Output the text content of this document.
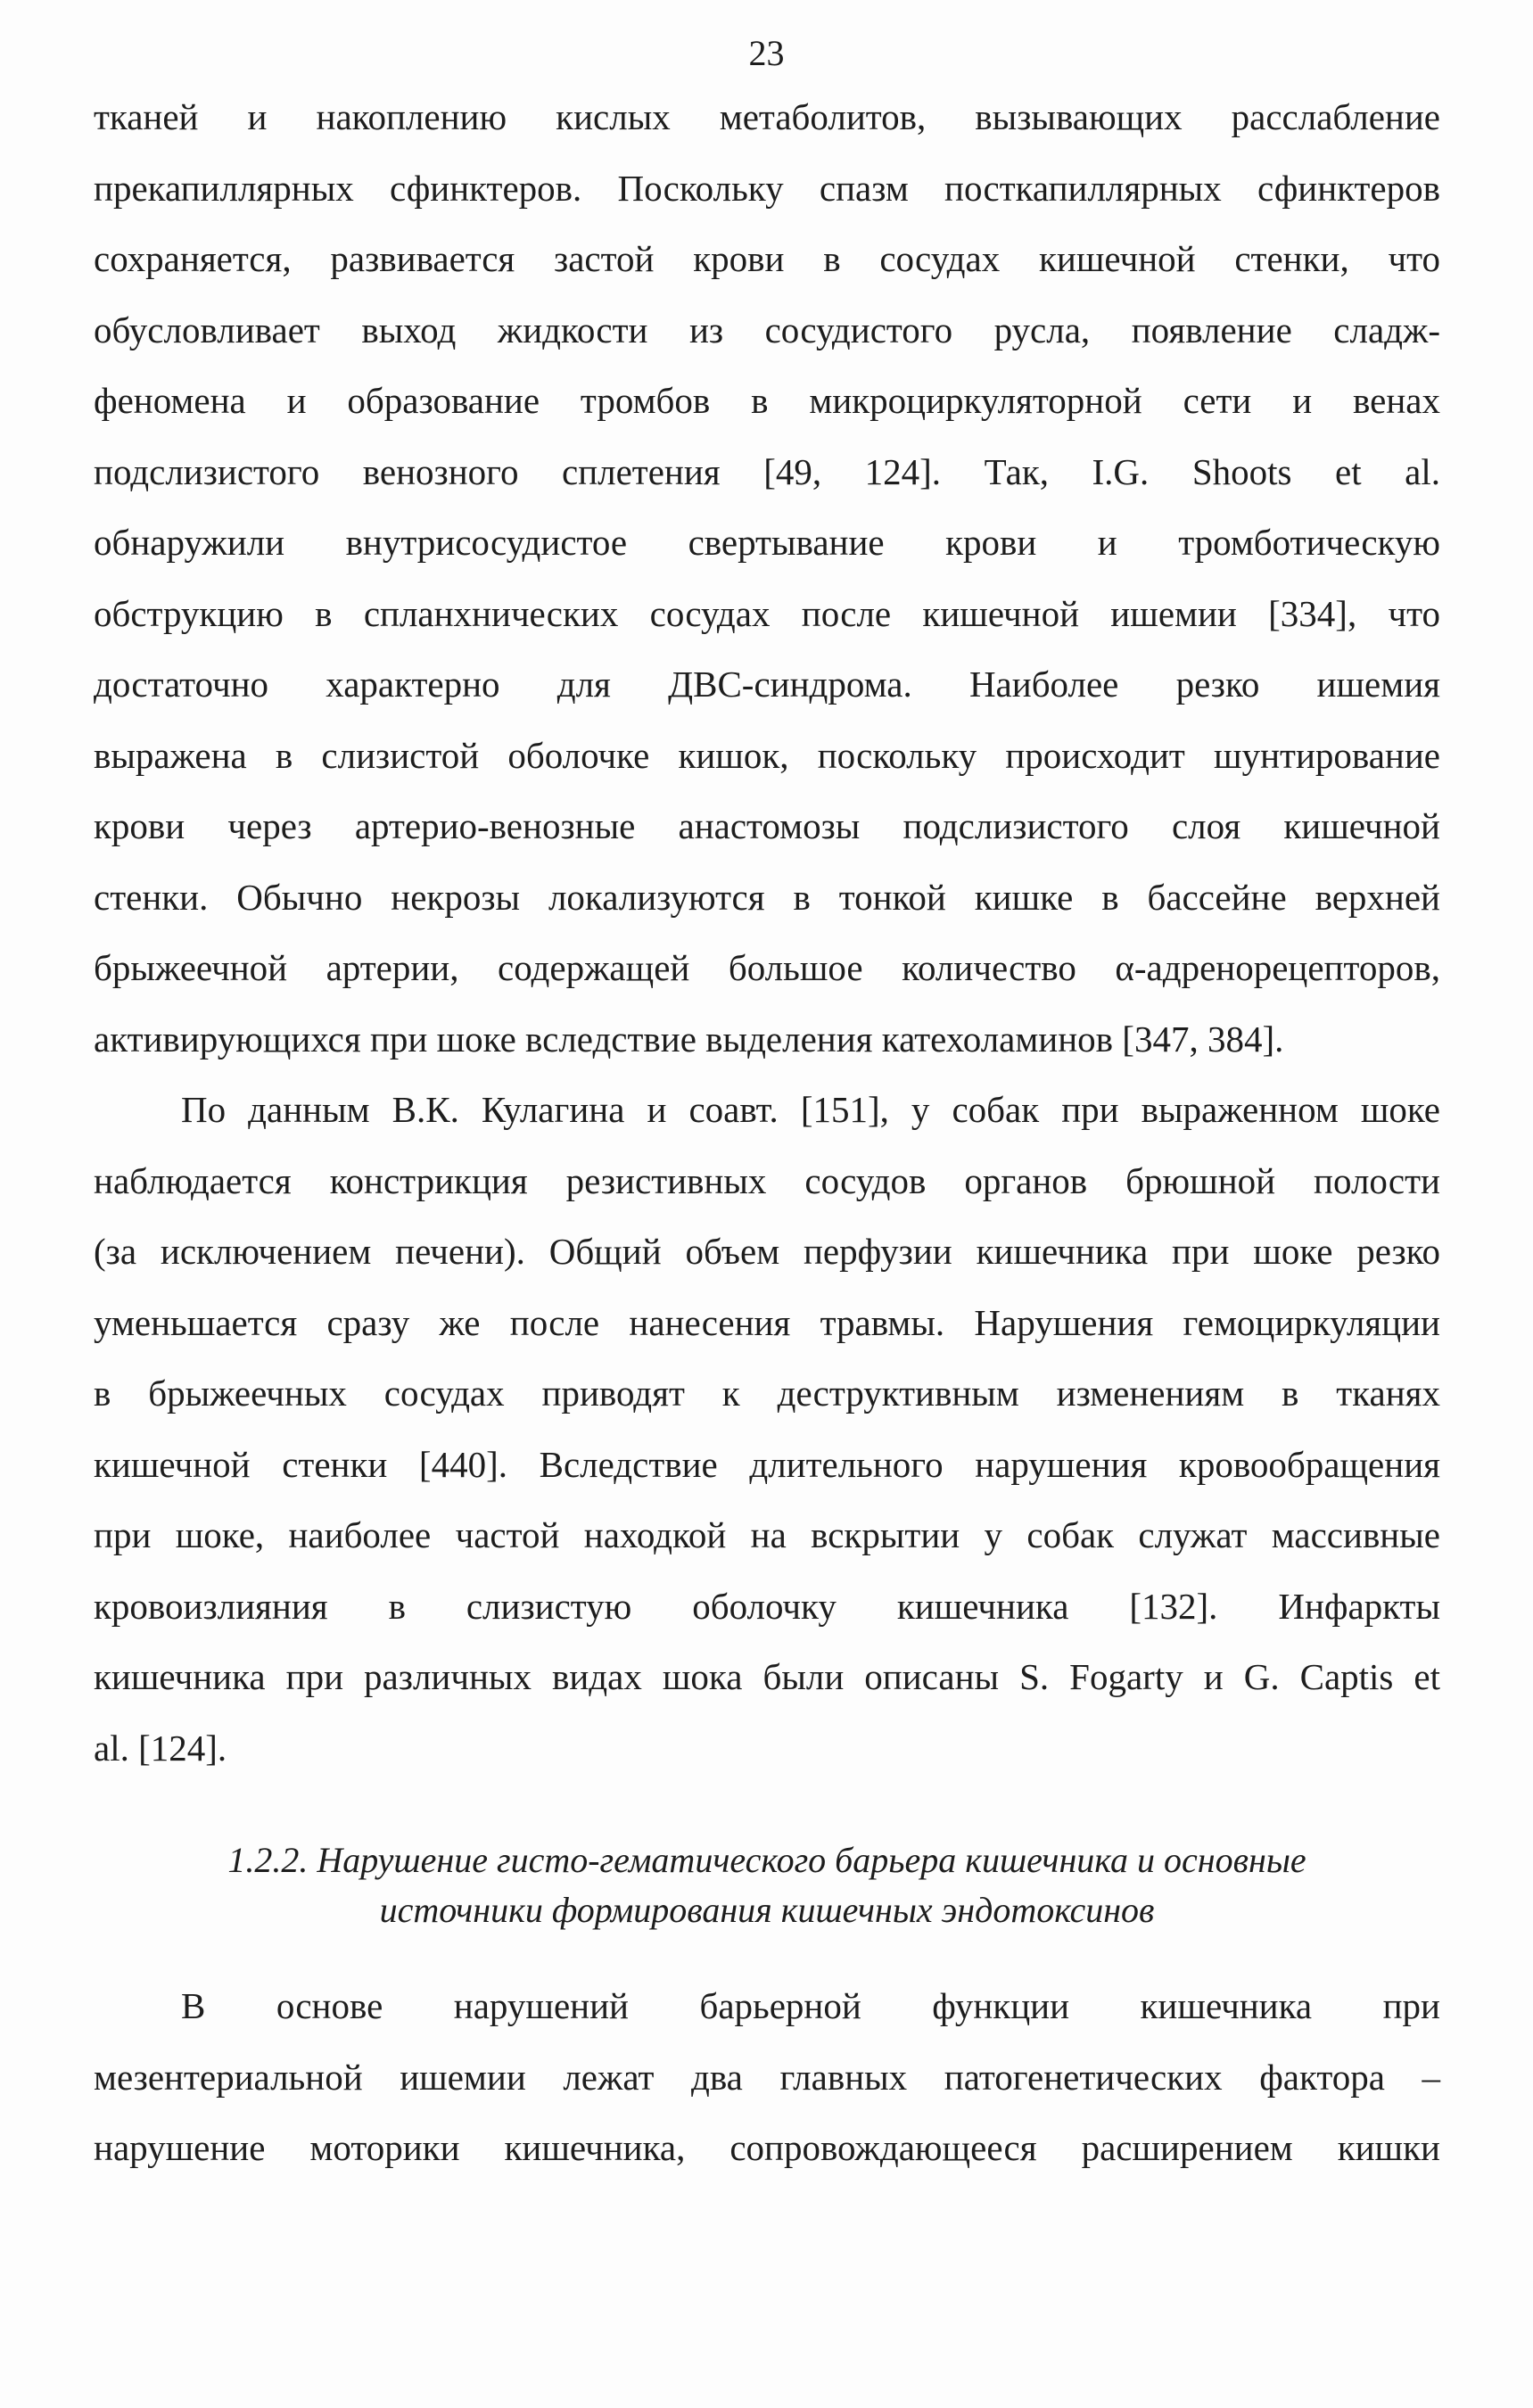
23

тканей и накоплению кислых метаболитов, вызывающих расслабление
прекапиллярных сфинктеров. Поскольку спазм посткапиллярных сфинктеров
сохраняется, развивается застой крови в сосудах кишечной стенки, что
обусловливает выход жидкости из сосудистого русла, появление сладж-
феномена и образование тромбов в микроциркуляторной сети и венах
подслизистого венозного сплетения [49, 124]. Так, I.G. Shoots et al.
обнаружили внутрисосудистое свертывание крови и тромботическую
обструкцию в спланхнических сосудах после кишечной ишемии [334], что
достаточно характерно для ДВС-синдрома. Наиболее резко ишемия
выражена в слизистой оболочке кишок, поскольку происходит шунтирование
крови через артерио-венозные анастомозы подслизистого слоя кишечной
стенки. Обычно некрозы локализуются в тонкой кишке в бассейне верхней
брыжеечной артерии, содержащей большое количество α-адренорецепторов,
активирующихся при шоке вследствие выделения катехоламинов [347, 384].

По данным В.К. Кулагина и соавт. [151], у собак при выраженном шоке
наблюдается констрикция резистивных сосудов органов брюшной полости
(за исключением печени). Общий объем перфузии кишечника при шоке резко
уменьшается сразу же после нанесения травмы. Нарушения гемоциркуляции
в брыжеечных сосудах приводят к деструктивным изменениям в тканях
кишечной стенки [440]. Вследствие длительного нарушения кровообращения
при шоке, наиболее частой находкой на вскрытии у собак служат массивные
кровоизлияния в слизистую оболочку кишечника [132]. Инфаркты
кишечника при различных видах шока были описаны S. Fogarty и G. Captis et
al. [124].

1.2.2. Нарушение гисто-гематического барьера кишечника и основные
источники формирования кишечных эндотоксинов

В основе нарушений барьерной функции кишечника при
мезентериальной ишемии лежат два главных патогенетических фактора –
нарушение моторики кишечника, сопровождающееся расширением кишки
